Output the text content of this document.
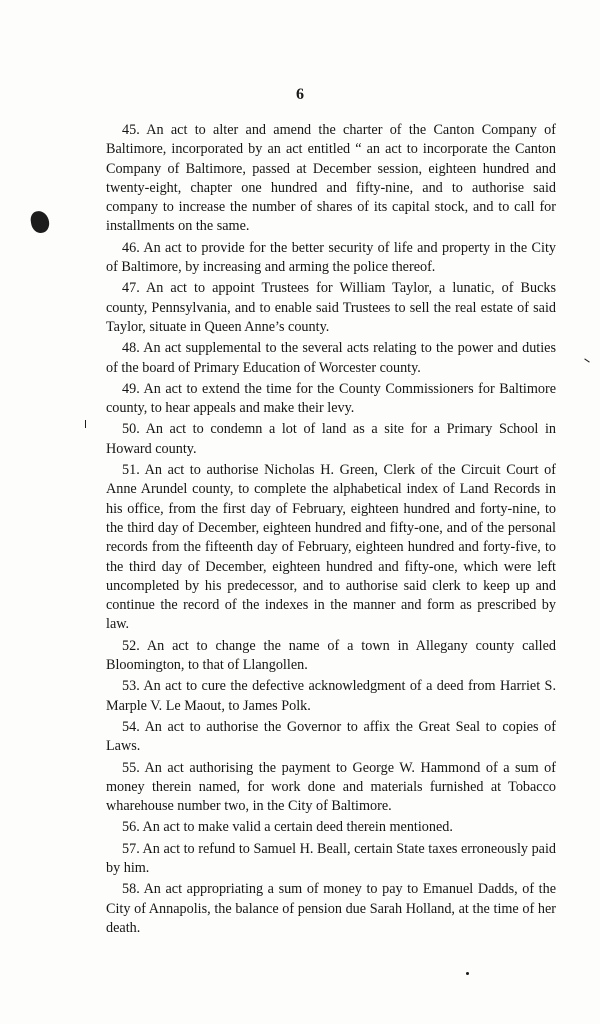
6

45. An act to alter and amend the charter of the Canton Company of Baltimore, incorporated by an act entitled “ an act to incorporate the Canton Company of Baltimore, passed at December session, eighteen hundred and twenty-eight, chapter one hundred and fifty-nine, and to authorise said company to increase the number of shares of its capital stock, and to call for installments on the same.

46. An act to provide for the better security of life and property in the City of Baltimore, by increasing and arming the police thereof.

47. An act to appoint Trustees for William Taylor, a lunatic, of Bucks county, Pennsylvania, and to enable said Trustees to sell the real estate of said Taylor, situate in Queen Anne’s county.

48. An act supplemental to the several acts relating to the power and duties of the board of Primary Education of Worcester county.

49. An act to extend the time for the County Commissioners for Baltimore county, to hear appeals and make their levy.

50. An act to condemn a lot of land as a site for a Primary School in Howard county.

51. An act to authorise Nicholas H. Green, Clerk of the Circuit Court of Anne Arundel county, to complete the alphabetical index of Land Records in his office, from the first day of February, eighteen hundred and forty-nine, to the third day of December, eighteen hundred and fifty-one, and of the personal records from the fifteenth day of February, eighteen hundred and forty-five, to the third day of December, eighteen hundred and fifty-one, which were left uncompleted by his predecessor, and to authorise said clerk to keep up and continue the record of the indexes in the manner and form as prescribed by law.

52. An act to change the name of a town in Allegany county called Bloomington, to that of Llangollen.

53. An act to cure the defective acknowledgment of a deed from Harriet S. Marple V. Le Maout, to James Polk.

54. An act to authorise the Governor to affix the Great Seal to copies of Laws.

55. An act authorising the payment to George W. Hammond of a sum of money therein named, for work done and materials furnished at Tobacco wharehouse number two, in the City of Baltimore.

56. An act to make valid a certain deed therein mentioned.

57. An act to refund to Samuel H. Beall, certain State taxes erroneously paid by him.

58. An act appropriating a sum of money to pay to Emanuel Dadds, of the City of Annapolis, the balance of pension due Sarah Holland, at the time of her death.
